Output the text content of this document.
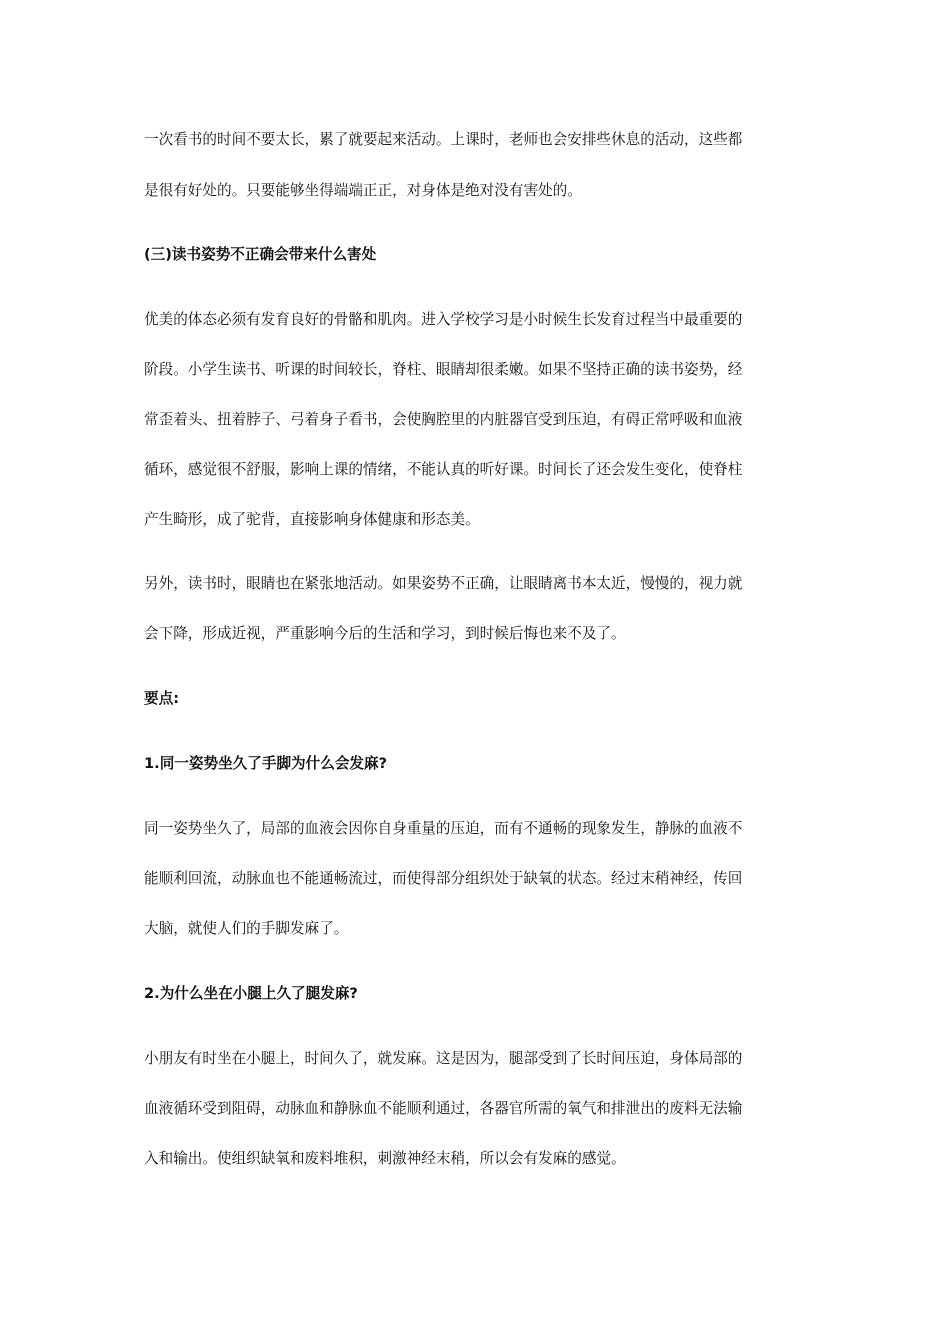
一次看书的时间不要太长，累了就要起来活动。上课时，老师也会安排些休息的活动，这些都
是很有好处的。只要能够坐得端端正正，对身体是绝对没有害处的。
(三)读书姿势不正确会带来什么害处
优美的体态必须有发育良好的骨骼和肌肉。进入学校学习是小时候生长发育过程当中最重要的
阶段。小学生读书、听课的时间较长，脊柱、眼睛却很柔嫩。如果不坚持正确的读书姿势，经
常歪着头、扭着脖子、弓着身子看书，会使胸腔里的内脏器官受到压迫，有碍正常呼吸和血液
循环，感觉很不舒服，影响上课的情绪，不能认真的听好课。时间长了还会发生变化，使脊柱
产生畸形，成了驼背，直接影响身体健康和形态美。
另外，读书时，眼睛也在紧张地活动。如果姿势不正确，让眼睛离书本太近，慢慢的，视力就
会下降，形成近视，严重影响今后的生活和学习，到时候后悔也来不及了。
要点:
1.同一姿势坐久了手脚为什么会发麻?
同一姿势坐久了，局部的血液会因你自身重量的压迫，而有不通畅的现象发生，静脉的血液不
能顺利回流，动脉血也不能通畅流过，而使得部分组织处于缺氧的状态。经过末稍神经，传回
大脑，就使人们的手脚发麻了。
2.为什么坐在小腿上久了腿发麻?
小朋友有时坐在小腿上，时间久了，就发麻。这是因为，腿部受到了长时间压迫，身体局部的
血液循环受到阻碍，动脉血和静脉血不能顺利通过，各器官所需的氧气和排泄出的废料无法输
入和输出。使组织缺氧和废料堆积，刺激神经末稍，所以会有发麻的感觉。
